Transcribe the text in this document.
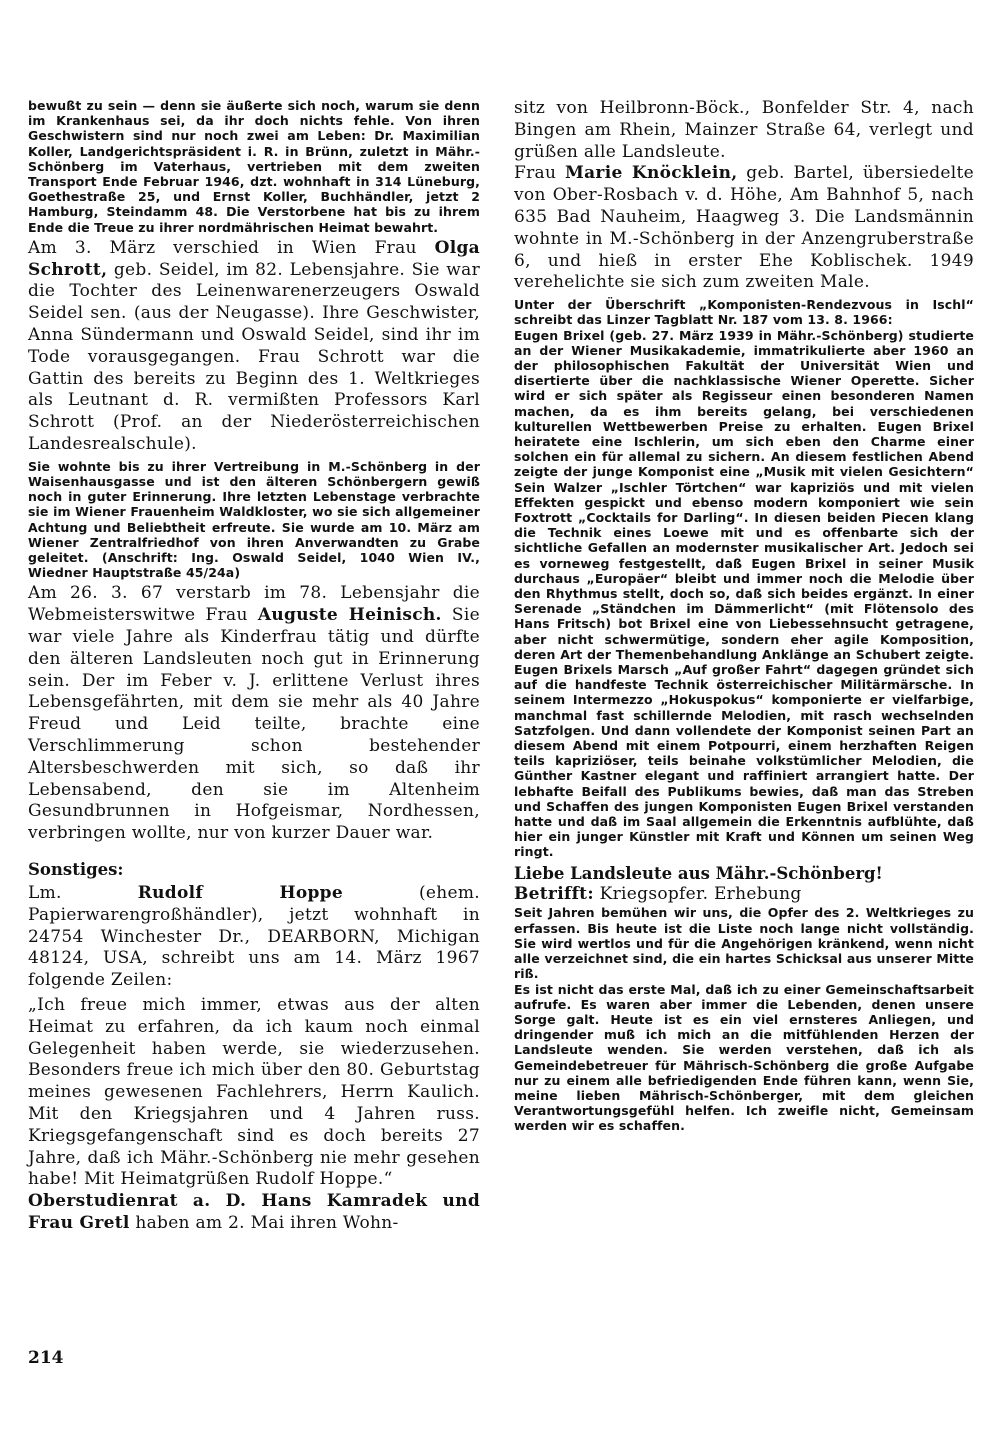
bewußt zu sein — denn sie äußerte sich noch, warum sie denn im Krankenhaus sei, da ihr doch nichts fehle. Von ihren Geschwistern sind nur noch zwei am Leben: Dr. Maximilian Koller, Landgerichtspräsident i. R. in Brünn, zuletzt in Mähr.-Schönberg im Vaterhaus, vertrieben mit dem zweiten Transport Ende Februar 1946, dzt. wohnhaft in 314 Lüneburg, Goethestraße 25, und Ernst Koller, Buchhändler, jetzt 2 Hamburg, Steindamm 48. Die Verstorbene hat bis zu ihrem Ende die Treue zu ihrer nordmährischen Heimat bewahrt.

Am 3. März verschied in Wien Frau Olga Schrott, geb. Seidel, im 82. Lebensjahre. Sie war die Tochter des Leinenwarenerzeugers Oswald Seidel sen. (aus der Neugasse). Ihre Geschwister, Anna Sündermann und Oswald Seidel, sind ihr im Tode vorausgegangen. Frau Schrott war die Gattin des bereits zu Beginn des 1. Weltkrieges als Leutnant d. R. vermißten Professors Karl Schrott (Prof. an der Niederösterreichischen Landesrealschule).

Sie wohnte bis zu ihrer Vertreibung in M.-Schönberg in der Waisenhausgasse und ist den älteren Schönbergern gewiß noch in guter Erinnerung. Ihre letzten Lebenstage verbrachte sie im Wiener Frauenheim Waldkloster, wo sie sich allgemeiner Achtung und Beliebtheit erfreute. Sie wurde am 10. März am Wiener Zentralfriedhof von ihren Anverwandten zu Grabe geleitet. (Anschrift: Ing. Oswald Seidel, 1040 Wien IV., Wiedner Hauptstraße 45/24a)

Am 26. 3. 67 verstarb im 78. Lebensjahr die Webmeisterswitwe Frau Auguste Heinisch. Sie war viele Jahre als Kinderfrau tätig und dürfte den älteren Landsleuten noch gut in Erinnerung sein. Der im Feber v. J. erlittene Verlust ihres Lebensgefährten, mit dem sie mehr als 40 Jahre Freud und Leid teilte, brachte eine Verschlimmerung schon bestehender Altersbeschwerden mit sich, so daß ihr Lebensabend, den sie im Altenheim Gesundbrunnen in Hofgeismar, Nordhessen, verbringen wollte, nur von kurzer Dauer war.

Sonstiges:

Lm. Rudolf Hoppe (ehem. Papierwarengroßhändler), jetzt wohnhaft in 24754 Winchester Dr., DEARBORN, Michigan 48124, USA, schreibt uns am 14. März 1967 folgende Zeilen:

„Ich freue mich immer, etwas aus der alten Heimat zu erfahren, da ich kaum noch einmal Gelegenheit haben werde, sie wiederzusehen. Besonders freue ich mich über den 80. Geburtstag meines gewesenen Fachlehrers, Herrn Kaulich. Mit den Kriegsjahren und 4 Jahren russ. Kriegsgefangenschaft sind es doch bereits 27 Jahre, daß ich Mähr.-Schönberg nie mehr gesehen habe! Mit Heimatgrüßen Rudolf Hoppe.“

Oberstudienrat a. D. Hans Kamradek und Frau Gretl haben am 2. Mai ihren Wohn-

sitz von Heilbronn-Böck., Bonfelder Str. 4, nach Bingen am Rhein, Mainzer Straße 64, verlegt und grüßen alle Landsleute.

Frau Marie Knöcklein, geb. Bartel, übersiedelte von Ober-Rosbach v. d. Höhe, Am Bahnhof 5, nach 635 Bad Nauheim, Haagweg 3. Die Landsmännin wohnte in M.-Schönberg in der Anzengruberstraße 6, und hieß in erster Ehe Koblischek. 1949 verehelichte sie sich zum zweiten Male.

Unter der Überschrift „Komponisten-Rendezvous in Ischl“ schreibt das Linzer Tagblatt Nr. 187 vom 13. 8. 1966:

Eugen Brixel (geb. 27. März 1939 in Mähr.-Schönberg) studierte an der Wiener Musikakademie, immatrikulierte aber 1960 an der philosophischen Fakultät der Universität Wien und disertierte über die nachklassische Wiener Operette. Sicher wird er sich später als Regisseur einen besonderen Namen machen, da es ihm bereits gelang, bei verschiedenen kulturellen Wettbewerben Preise zu erhalten. Eugen Brixel heiratete eine Ischlerin, um sich eben den Charme einer solchen ein für allemal zu sichern. An diesem festlichen Abend zeigte der junge Komponist eine „Musik mit vielen Gesichtern“ Sein Walzer „Ischler Törtchen“ war kapriziös und mit vielen Effekten gespickt und ebenso modern komponiert wie sein Foxtrott „Cocktails for Darling“. In diesen beiden Piecen klang die Technik eines Loewe mit und es offenbarte sich der sichtliche Gefallen an modernster musikalischer Art. Jedoch sei es vorneweg festgestellt, daß Eugen Brixel in seiner Musik durchaus „Europäer“ bleibt und immer noch die Melodie über den Rhythmus stellt, doch so, daß sich beides ergänzt. In einer Serenade „Ständchen im Dämmerlicht“ (mit Flötensolo des Hans Fritsch) bot Brixel eine von Liebessehnsucht getragene, aber nicht schwermütige, sondern eher agile Komposition, deren Art der Themenbehandlung Anklänge an Schubert zeigte. Eugen Brixels Marsch „Auf großer Fahrt“ dagegen gründet sich auf die handfeste Technik österreichischer Militärmärsche. In seinem Intermezzo „Hokuspokus“ komponierte er vielfarbige, manchmal fast schillernde Melodien, mit rasch wechselnden Satzfolgen. Und dann vollendete der Komponist seinen Part an diesem Abend mit einem Potpourri, einem herzhaften Reigen teils kapriziöser, teils beinahe volkstümlicher Melodien, die Günther Kastner elegant und raffiniert arrangiert hatte. Der lebhafte Beifall des Publikums bewies, daß man das Streben und Schaffen des jungen Komponisten Eugen Brixel verstanden hatte und daß im Saal allgemein die Erkenntnis aufblühte, daß hier ein junger Künstler mit Kraft und Können um seinen Weg ringt.

Liebe Landsleute aus Mähr.-Schönberg!

Betrifft: Kriegsopfer. Erhebung

Seit Jahren bemühen wir uns, die Opfer des 2. Weltkrieges zu erfassen. Bis heute ist die Liste noch lange nicht vollständig. Sie wird wertlos und für die Angehörigen kränkend, wenn nicht alle verzeichnet sind, die ein hartes Schicksal aus unserer Mitte riß.

Es ist nicht das erste Mal, daß ich zu einer Gemeinschaftsarbeit aufrufe. Es waren aber immer die Lebenden, denen unsere Sorge galt. Heute ist es ein viel ernsteres Anliegen, und dringender muß ich mich an die mitfühlenden Herzen der Landsleute wenden. Sie werden verstehen, daß ich als Gemeindebetreuer für Mährisch-Schönberg die große Aufgabe nur zu einem alle befriedigenden Ende führen kann, wenn Sie, meine lieben Mährisch-Schönberger, mit dem gleichen Verantwortungsgefühl helfen. Ich zweifle nicht, Gemeinsam werden wir es schaffen.

214
